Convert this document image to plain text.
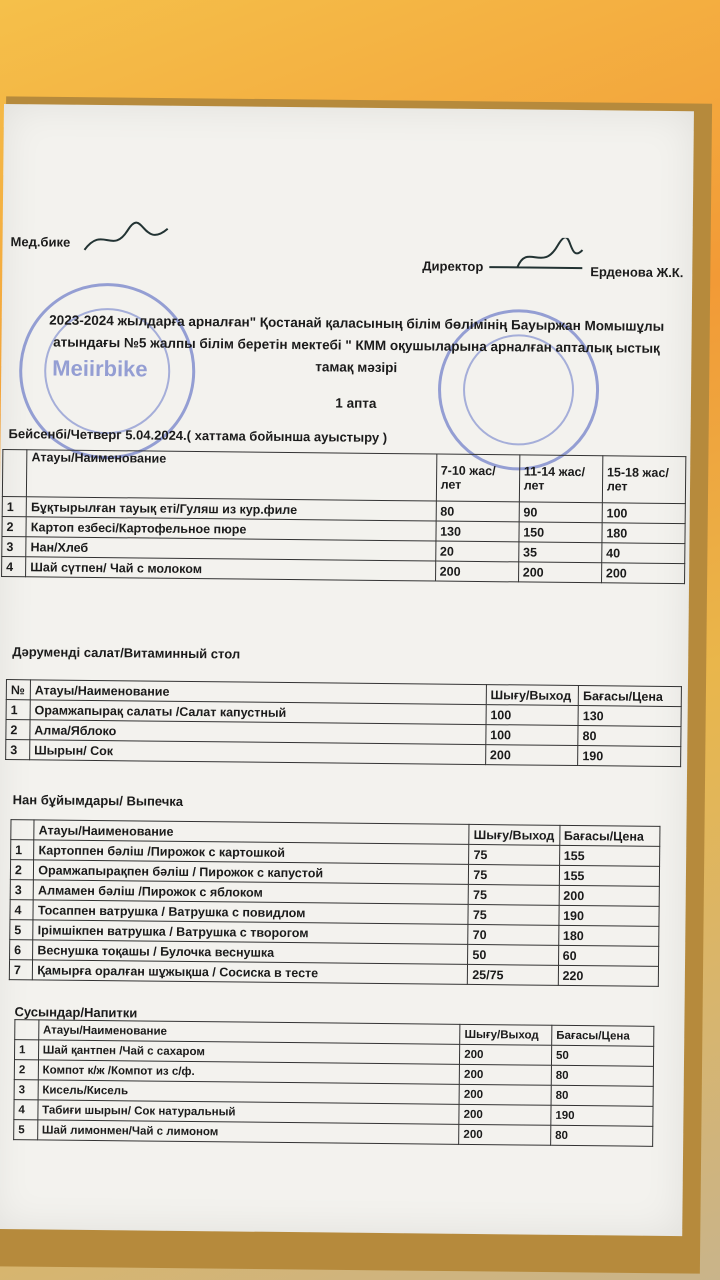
Meiirbike
Мед.бике
Директор	Ерденова Ж.К.
2023-2024 жылдарға арналған" Қостанай қаласының білім бөлімінің Бауыржан Момышұлы
атындағы №5 жалпы білім беретін мектебі " КММ оқушыларына арналған апталық ыстық
тамақ мәзірі
1 апта
Бейсенбі/Четверг 5.04.2024.( хаттама бойынша ауыстыру )
	Атауы/Наименование	7-10 жас/лет	11-14 жас/лет	15-18 жас/лет
1	Бұқтырылған тауық еті/Гуляш из кур.филе	80	90	100
2	Картоп езбесі/Картофельное пюре	130	150	180
3	Нан/Хлеб	20	35	40
4	Шай сүтпен/ Чай с молоком	200	200	200
Дәрумендi салат/Витаминный стол
№	Атауы/Наименование	Шығу/Выход	Бағасы/Цена
1	Орамжапырақ салаты /Салат капустный	100	130
2	Алма/Яблоко	100	80
3	Шырын/ Сок	200	190
Нан бұйымдары/ Выпечка
	Атауы/Наименование	Шығу/Выход	Бағасы/Цена
1	Картоппен бәліш /Пирожок с картошкой	75	155
2	Орамжапырақпен бәліш / Пирожок с капустой	75	155
3	Алмамен бәліш /Пирожок с яблоком	75	200
4	Тосаппен ватрушка / Ватрушка с повидлом	75	190
5	Ірімшікпен ватрушка / Ватрушка с творогом	70	180
6	Веснушка тоқашы / Булочка веснушка	50	60
7	Қамырға оралған шұжықша / Сосиска в тесте	25/75	220
Сусындар/Напитки
	Атауы/Наименование	Шығу/Выход	Бағасы/Цена
1	Шай қантпен /Чай с сахаром	200	50
2	Компот к/ж /Компот из с/ф.	200	80
3	Кисель/Кисель	200	80
4	Табиғи шырын/ Сок натуральный	200	190
5	Шай лимонмен/Чай с лимоном	200	80
